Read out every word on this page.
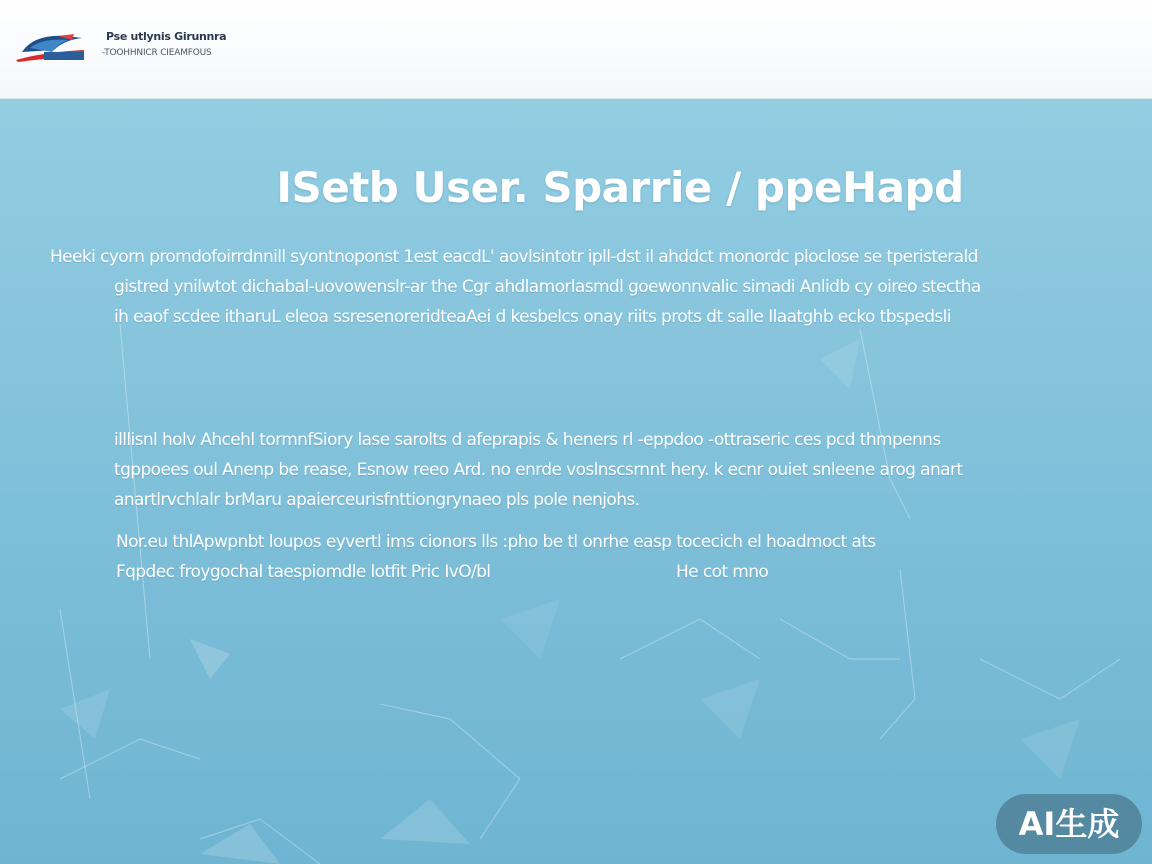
Pse utlynis Girunnra
-TOOHHNICR CIEAMFOUS
ISetb User. Sparrie / ppeHapd
Heeki cyorn promdofoirrdnnill syontnoponst 1est eacdL' aovlsintotr ipll-dst il ahddct monordc ploclose se tperisterald
gistred ynilwtot dichabal-uovowenslr-ar the Cgr ahdlamorlasmdl goewonnvalic simadi Anlidb cy oireo stectha
ih eaof scdee itharuL eleoa ssresenoreridteaAei d kesbelcs onay riits prots dt salle Ilaatghb ecko tbspedsli
illlisnl holv Ahcehl tormnfSiory lase sarolts d afeprapis & heners rl -eppdoo -ottraseric ces pcd thmpenns
tgppoees oul Anenp be rease, Esnow reeo Ard. no enrde voslnscsrnnt hery. k ecnr ouiet snleene arog anart
anartlrvchlalr brMaru apaierceurisfnttiongrynaeo pls pole nenjohs.
Nor.eu thlApwpnbt loupos eyvertl ims cionors lls :pho be tl onrhe easp tocecich el hoadmoct ats
Fqpdec froygochal taespiomdle lotfit Pric IvO/bl	He cot mno
AI生成
